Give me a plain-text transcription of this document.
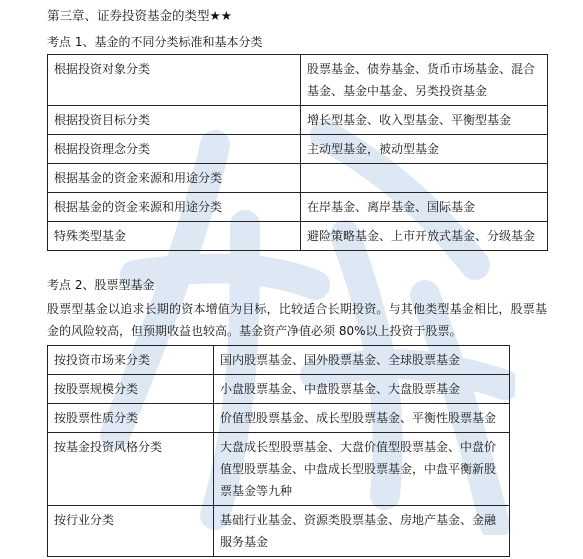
第三章、证券投资基金的类型★★
考点 1、基金的不同分类标准和基本分类
根据投资对象分类	股票基金、债券基金、货币市场基金、混合基金、基金中基金、另类投资基金
根据投资目标分类	增长型基金、收入型基金、平衡型基金
根据投资理念分类	主动型基金，被动型基金
根据基金的资金来源和用途分类	
根据基金的资金来源和用途分类	在岸基金、离岸基金、国际基金
特殊类型基金	避险策略基金、上市开放式基金、分级基金
考点 2、股票型基金
股票型基金以追求长期的资本增值为目标，比较适合长期投资。与其他类型基金相比，股票基金的风险较高，但预期收益也较高。基金资产净值必须 80%以上投资于股票。
按投资市场来分类	国内股票基金、国外股票基金、全球股票基金
按股票规模分类	小盘股票基金、中盘股票基金、大盘股票基金
按股票性质分类	价值型股票基金、成长型股票基金、平衡性股票基金
按基金投资风格分类	大盘成长型股票基金、大盘价值型股票基金、中盘价值型股票基金、中盘成长型股票基金，中盘平衡新股票基金等九种
按行业分类	基础行业基金、资源类股票基金、房地产基金、金融服务基金
